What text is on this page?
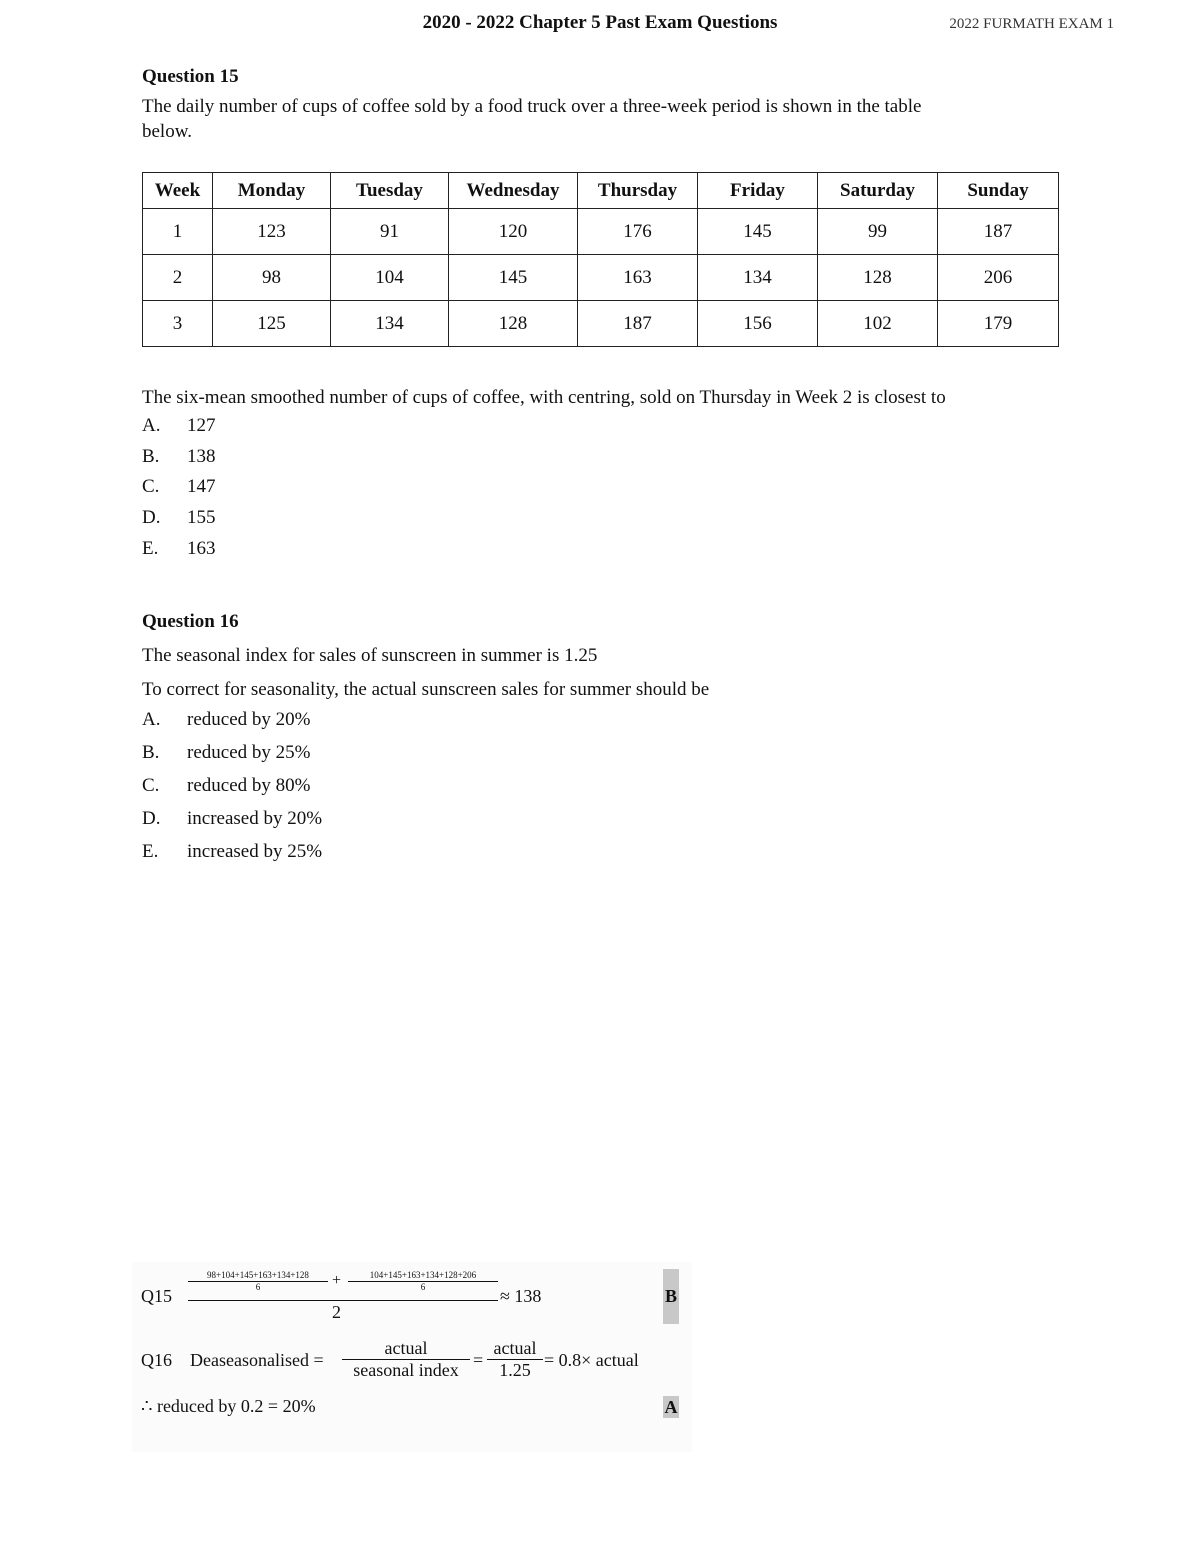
2020 - 2022 Chapter 5 Past Exam Questions	2022 FURMATH EXAM 1
Question 15
The daily number of cups of coffee sold by a food truck over a three-week period is shown in the table
below.
Week	Monday	Tuesday	Wednesday	Thursday	Friday	Saturday	Sunday
1	123	91	120	176	145	99	187
2	98	104	145	163	134	128	206
3	125	134	128	187	156	102	179
The six-mean smoothed number of cups of coffee, with centring, sold on Thursday in Week 2 is closest to
A. 127
B. 138
C. 147
D. 155
E. 163
Question 16
The seasonal index for sales of sunscreen in summer is 1.25
To correct for seasonality, the actual sunscreen sales for summer should be
A. reduced by 20%
B. reduced by 25%
C. reduced by 80%
D. increased by 20%
E. increased by 25%
Q15
$\frac{98+104+145+163+134+128}{6} + \frac{104+145+163+134+128+206}{6}$
2
≈ 138	B
Q16 Deaseasonalised =
actual
seasonal index =
actual
1.25 = 0.8× actual
∴ reduced by 0.2 = 20%	A
